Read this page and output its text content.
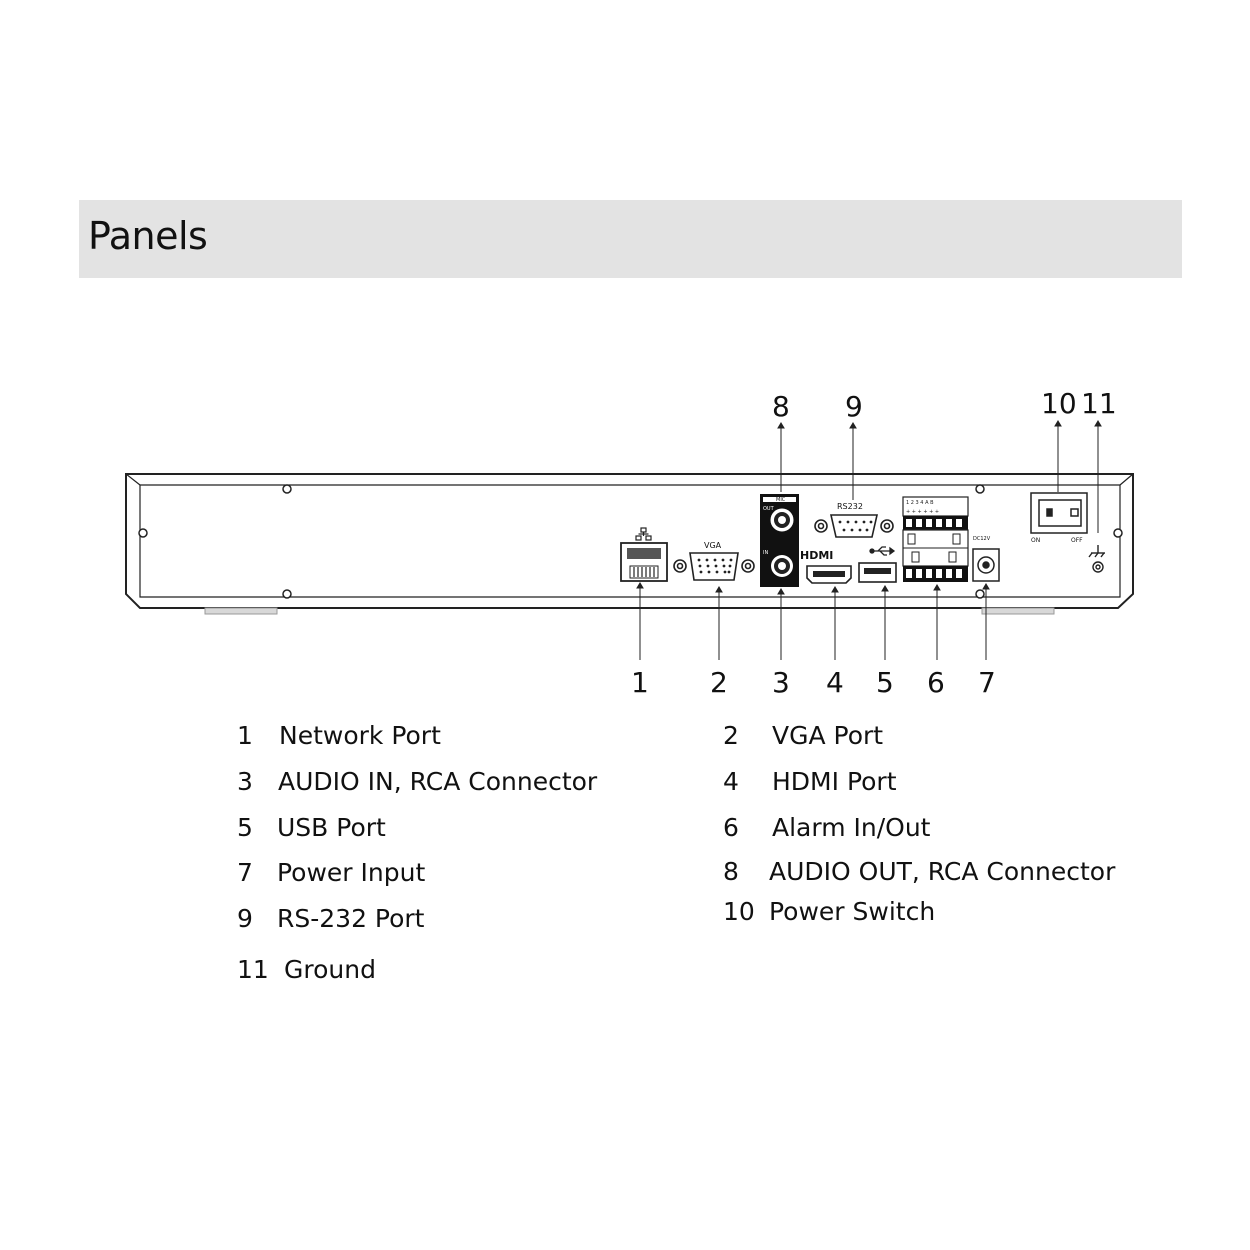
Panels
VGA
MIC
OUT
IN
RS232
HDMI
1 2 3 4 A B
+ + + + + +
DC12V	ON	OFF
1 2 3 4 5 6 7
8 9	10 11
1 Network Port	2 VGA Port
3 AUDIO IN, RCA Connector	4 HDMI Port
5 USB Port	6 Alarm In/Out
7 Power Input	8 AUDIO OUT, RCA Connector
9 RS-232 Port	10 Power Switch
11 Ground
